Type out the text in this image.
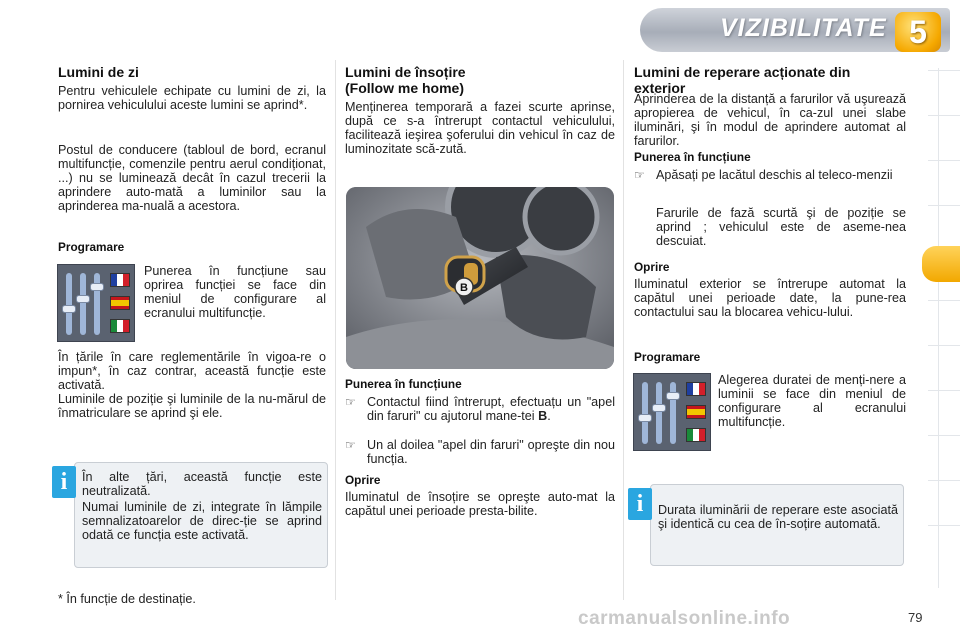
VIZIBILITATE 5
Lumini de zi
Pentru vehiculele echipate cu lumini de zi, la pornirea vehiculului aceste lumini se aprind*.
Postul de conducere (tabloul de bord, ecranul multifuncție, comenzile pentru aerul condiționat, ...) nu se luminează decât în cazul trecerii la aprindere auto-mată a luminilor sau la aprinderea ma-nuală a acestora.
Programare
Punerea în funcțiune sau oprirea funcției se face din meniul de configurare al ecranului multifuncție.
În țările în care reglementările în vigoa-re o impun*, în caz contrar, această funcție este activată.
Luminile de poziție şi luminile de la nu-mărul de înmatriculare se aprind şi ele.
i	În alte țări, această funcție este neutralizată.
Numai luminile de zi, integrate în lămpile semnalizatoarelor de direc-ție se aprind odată ce funcția este activată.
* În funcție de destinație.
Lumini de însoțire
(Follow me home)
Menținerea temporară a fazei scurte aprinse, după ce s-a întrerupt contactul vehiculului, facilitează ieşirea şoferului din vehicul în caz de luminozitate scă-zută.
B
Punerea în funcțiune
☞ Contactul fiind întrerupt, efectuațu un "apel din faruri" cu ajutorul mane-tei B.
☞ Un al doilea "apel din faruri" opreşte din nou funcția.
Oprire
Iluminatul de însoțire se opreşte auto-mat la capătul unei perioade presta-bilite.
Lumini de reperare acționate din
exterior
Aprinderea de la distanță a farurilor vă uşurează apropierea de vehicul, în ca-zul unei slabe iluminări, şi în modul de aprindere automat al farurilor.
Punerea în funcțiune
☞ Apăsați pe lacătul deschis al teleco-menzii
Farurile de fază scurtă şi de poziție se aprind ; vehiculul este de aseme-nea descuiat.
Oprire
Iluminatul exterior se întrerupe automat la capătul unei perioade date, la pune-rea contactului sau la blocarea vehicu-lului.
Programare
Alegerea duratei de menți-nere a luminii se face din meniul de configurare al ecranului multifuncție.
i	Durata iluminării de reperare este asociată şi identică cu cea de în-soțire automată.
carmanualsonline.info	79
